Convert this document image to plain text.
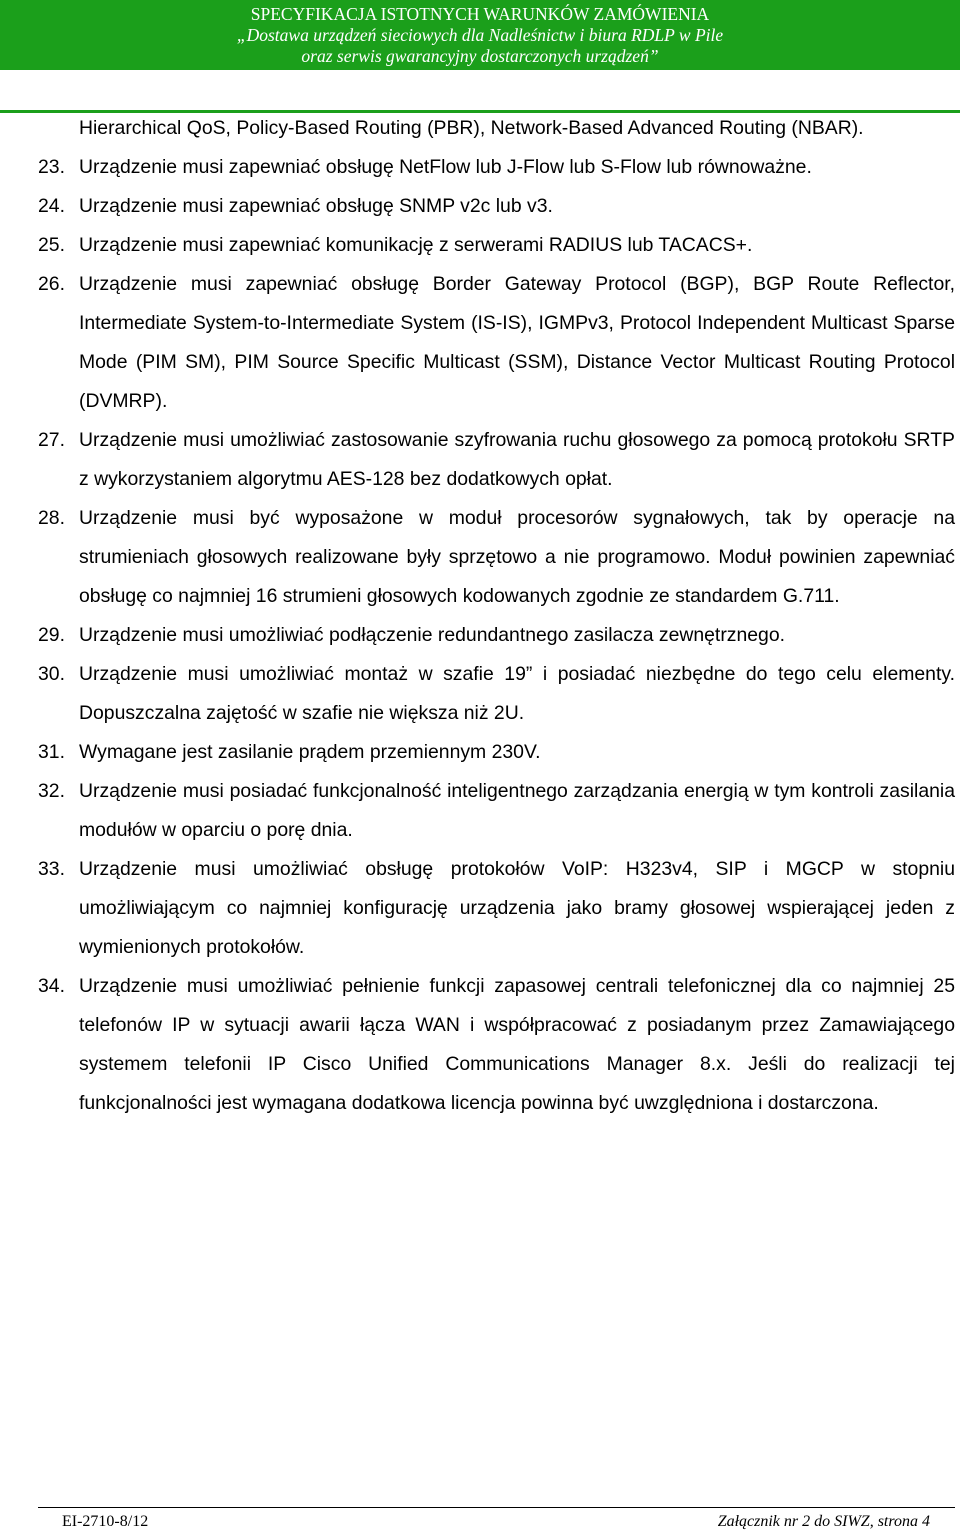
SPECYFIKACJA ISTOTNYCH WARUNKÓW ZAMÓWIENIA
„Dostawa urządzeń sieciowych dla Nadleśnictw i biura RDLP w Pile
oraz serwis gwarancyjny dostarczonych urządzeń”
Hierarchical QoS, Policy-Based Routing (PBR), Network-Based Advanced Routing (NBAR).
23. Urządzenie musi zapewniać obsługę NetFlow lub J-Flow lub S-Flow lub równoważne.
24. Urządzenie musi zapewniać obsługę SNMP v2c lub v3.
25. Urządzenie musi zapewniać komunikację z serwerami RADIUS lub TACACS+.
26. Urządzenie musi zapewniać obsługę Border Gateway Protocol (BGP), BGP Route Reflector, Intermediate System-to-Intermediate System (IS-IS), IGMPv3, Protocol Independent Multicast Sparse Mode (PIM SM), PIM Source Specific Multicast (SSM), Distance Vector Multicast Routing Protocol (DVMRP).
27. Urządzenie musi umożliwiać zastosowanie szyfrowania ruchu głosowego za pomocą protokołu SRTP z wykorzystaniem algorytmu AES-128 bez dodatkowych opłat.
28. Urządzenie musi być wyposażone w moduł procesorów sygnałowych, tak by operacje na strumieniach głosowych realizowane były sprzętowo a nie programowo. Moduł powinien zapewniać obsługę co najmniej 16 strumieni głosowych kodowanych zgodnie ze standardem G.711.
29. Urządzenie musi umożliwiać podłączenie redundantnego zasilacza zewnętrznego.
30. Urządzenie musi umożliwiać montaż w szafie 19” i posiadać niezbędne do tego celu elementy. Dopuszczalna zajętość w szafie nie większa niż 2U.
31. Wymagane jest zasilanie prądem przemiennym 230V.
32. Urządzenie musi posiadać funkcjonalność inteligentnego zarządzania energią w tym kontroli zasilania modułów w oparciu o porę dnia.
33. Urządzenie musi umożliwiać obsługę protokołów VoIP: H323v4, SIP i MGCP w stopniu umożliwiającym co najmniej konfigurację urządzenia jako bramy głosowej wspierającej jeden z wymienionych protokołów.
34. Urządzenie musi umożliwiać pełnienie funkcji zapasowej centrali telefonicznej dla co najmniej 25 telefonów IP w sytuacji awarii łącza WAN i współpracować z posiadanym przez Zamawiającego systemem telefonii IP Cisco Unified Communications Manager 8.x. Jeśli do realizacji tej funkcjonalności jest wymagana dodatkowa licencja powinna być uwzględniona i dostarczona.
EI-2710-8/12	Załącznik nr 2 do SIWZ, strona 4
